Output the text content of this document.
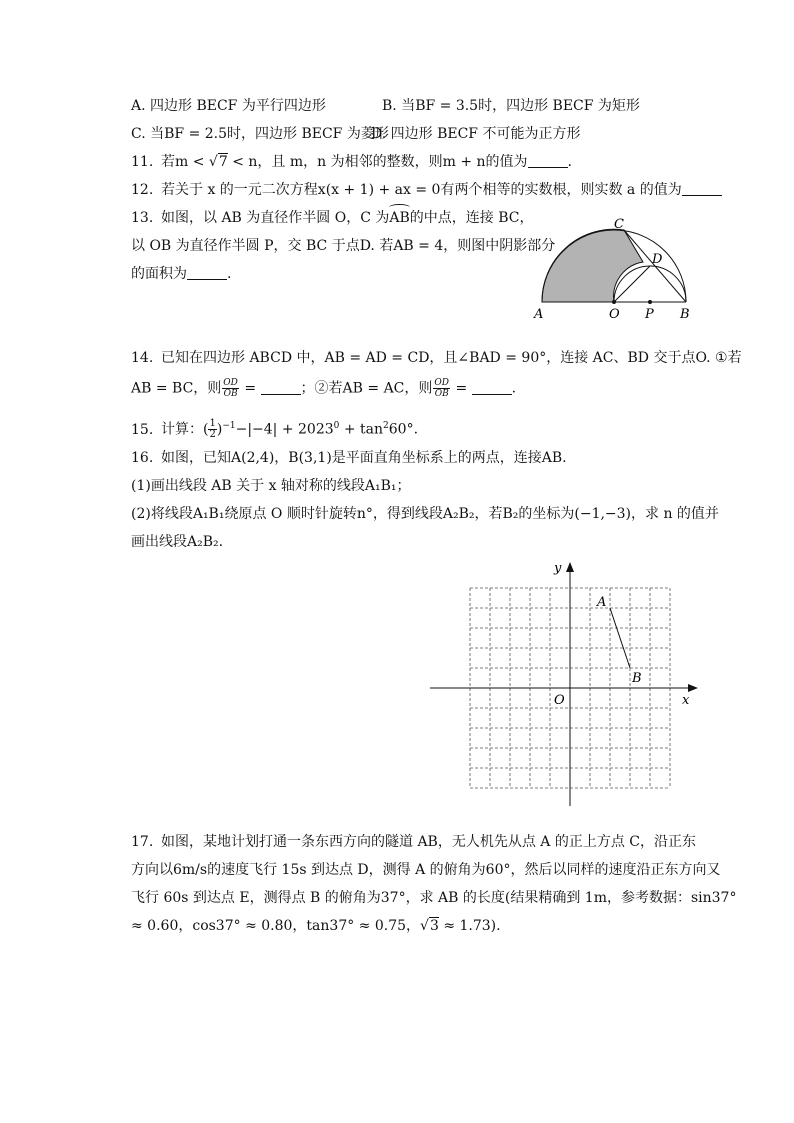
A. 四边形 BECF 为平行四边形	B. 当BF = 3.5时，四边形 BECF 为矩形
C. 当BF = 2.5时，四边形 BECF 为菱形
D. 四边形 BECF 不可能为正方形
11. 若m < √7 < n，且 m，n 为相邻的整数，则m + n的值为	.
12. 若关于 x 的一元二次方程x(x + 1) + ax = 0有两个相等的实数根，则实数 a 的值为
13. 如图，以 AB 为直径作半圆 O，C 为AB的中点，连接 BC，
以 OB 为直径作半圆 P，交 BC 于点D. 若AB = 4，则图中阴影部分
的面积为	.
C
D
A	O P B
14. 已知在四边形 ABCD 中，AB = AD = CD，且∠BAD = 90°，连接 AC、BD 交于点O. ①若
AB = BC，则 $\frac{OD}{OB}$ =	；②若AB = AC，则 $\frac{OD}{OB}$ =	.
15. 计算：( $\frac{1}{2} )^{-1}-|-4| + 2023^0 + \tan^260^\circ$.
16. 如图，已知A(2,4)，B(3,1)是平面直角坐标系上的两点，连接AB.
(1)画出线段 AB 关于 x 轴对称的线段A₁B₁；
(2)将线段A₁B₁绕原点 O 顺时针旋转n°，得到线段A₂B₂，若B₂的坐标为(−1,−3)，求 n 的值并
画出线段A₂B₂.
x
y
O
A
B
17. 如图，某地计划打通一条东西方向的隧道 AB，无人机先从点 A 的正上方点 C，沿正东
方向以6m/s的速度飞行 15s 到达点 D，测得 A 的俯角为60°，然后以同样的速度沿正东方向又
飞行 60s 到达点 E，测得点 B 的俯角为37°，求 AB 的长度(结果精确到 1m，参考数据：sin37°
≈ 0.60，cos37° ≈ 0.80，tan37° ≈ 0.75，√3 ≈ 1.73).
